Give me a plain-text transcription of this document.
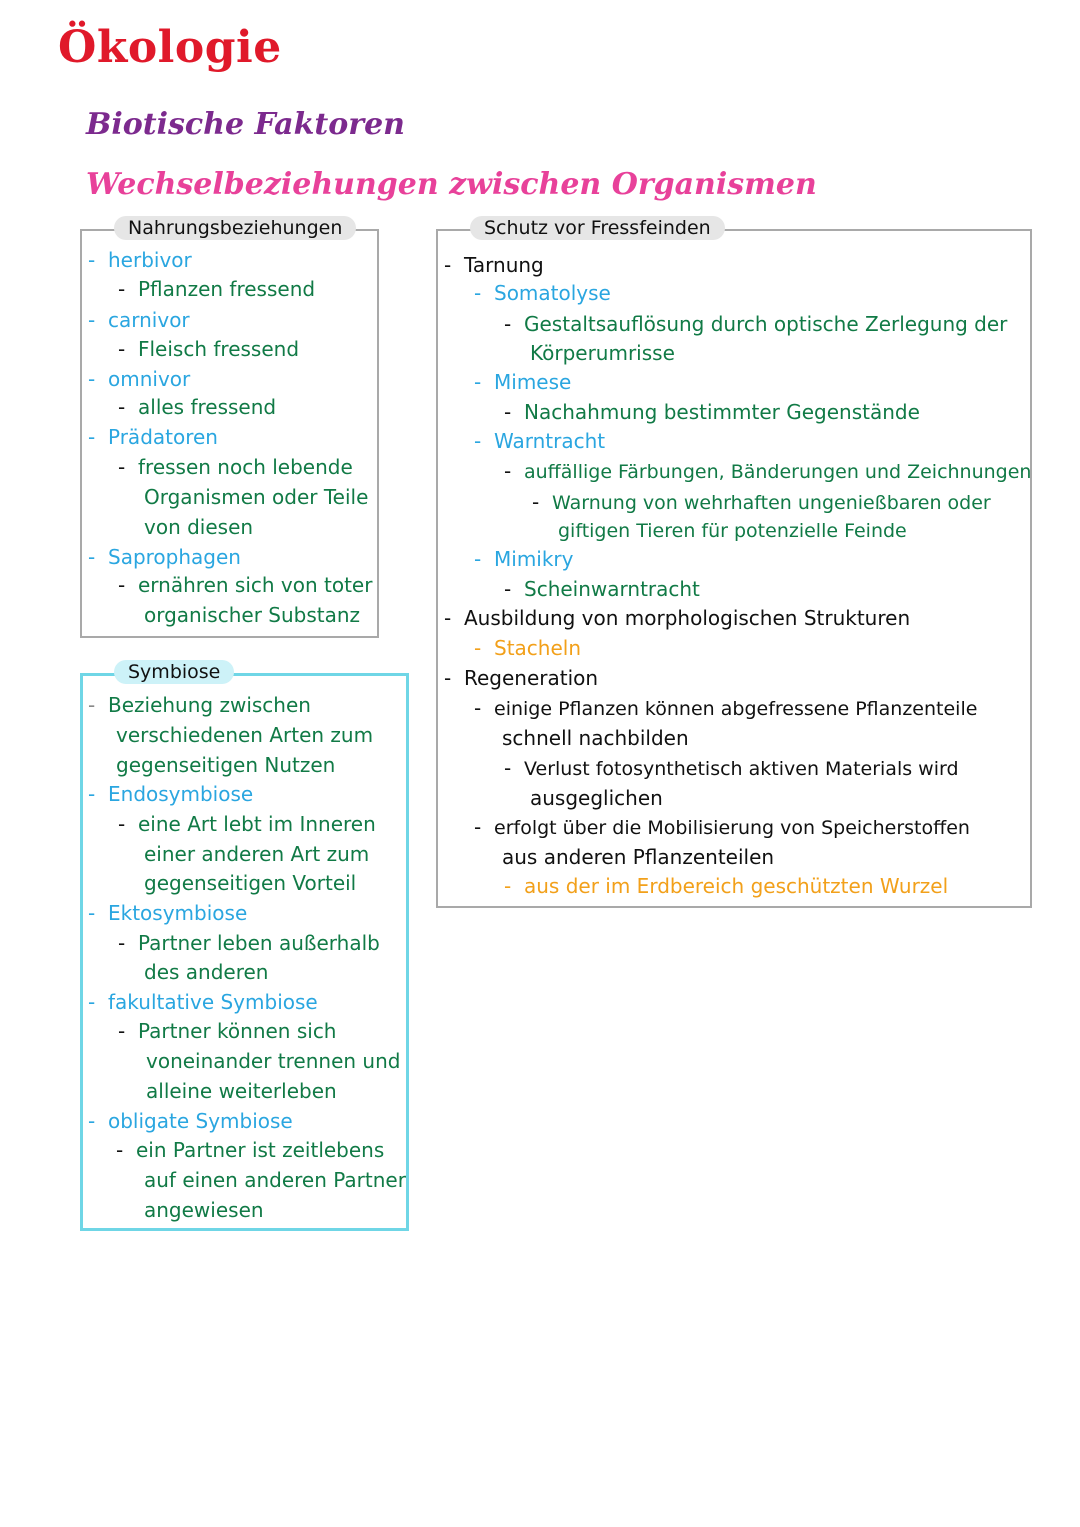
Ökologie
Biotische Faktoren
Wechselbeziehungen zwischen Organismen
Nahrungsbeziehungen
- herbivor
- Pflanzen fressend
- carnivor
- Fleisch fressend
- omnivor
- alles fressend
- Prädatoren
- fressen noch lebende
Organismen oder Teile
von diesen
- Saprophagen
- ernähren sich von toter
organischer Substanz
Symbiose
- Beziehung zwischen
verschiedenen Arten zum
gegenseitigen Nutzen
- Endosymbiose
- eine Art lebt im Inneren
einer anderen Art zum
gegenseitigen Vorteil
- Ektosymbiose
- Partner leben außerhalb
des anderen
- fakultative Symbiose
- Partner können sich
voneinander trennen und
alleine weiterleben
- obligate Symbiose
- ein Partner ist zeitlebens
auf einen anderen Partner
angewiesen
Schutz vor Fressfeinden
- Tarnung
- Somatolyse
- Gestaltsauflösung durch optische Zerlegung der
Körperumrisse
- Mimese
- Nachahmung bestimmter Gegenstände
- Warntracht
- auffällige Färbungen, Bänderungen und Zeichnungen
- Warnung von wehrhaften ungenießbaren oder
giftigen Tieren für potenzielle Feinde
- Mimikry
- Scheinwarntracht
- Ausbildung von morphologischen Strukturen
- Stacheln
- Regeneration
- einige Pflanzen können abgefressene Pflanzenteile
schnell nachbilden
- Verlust fotosynthetisch aktiven Materials wird
ausgeglichen
- erfolgt über die Mobilisierung von Speicherstoffen
aus anderen Pflanzenteilen
- aus der im Erdbereich geschützten Wurzel
